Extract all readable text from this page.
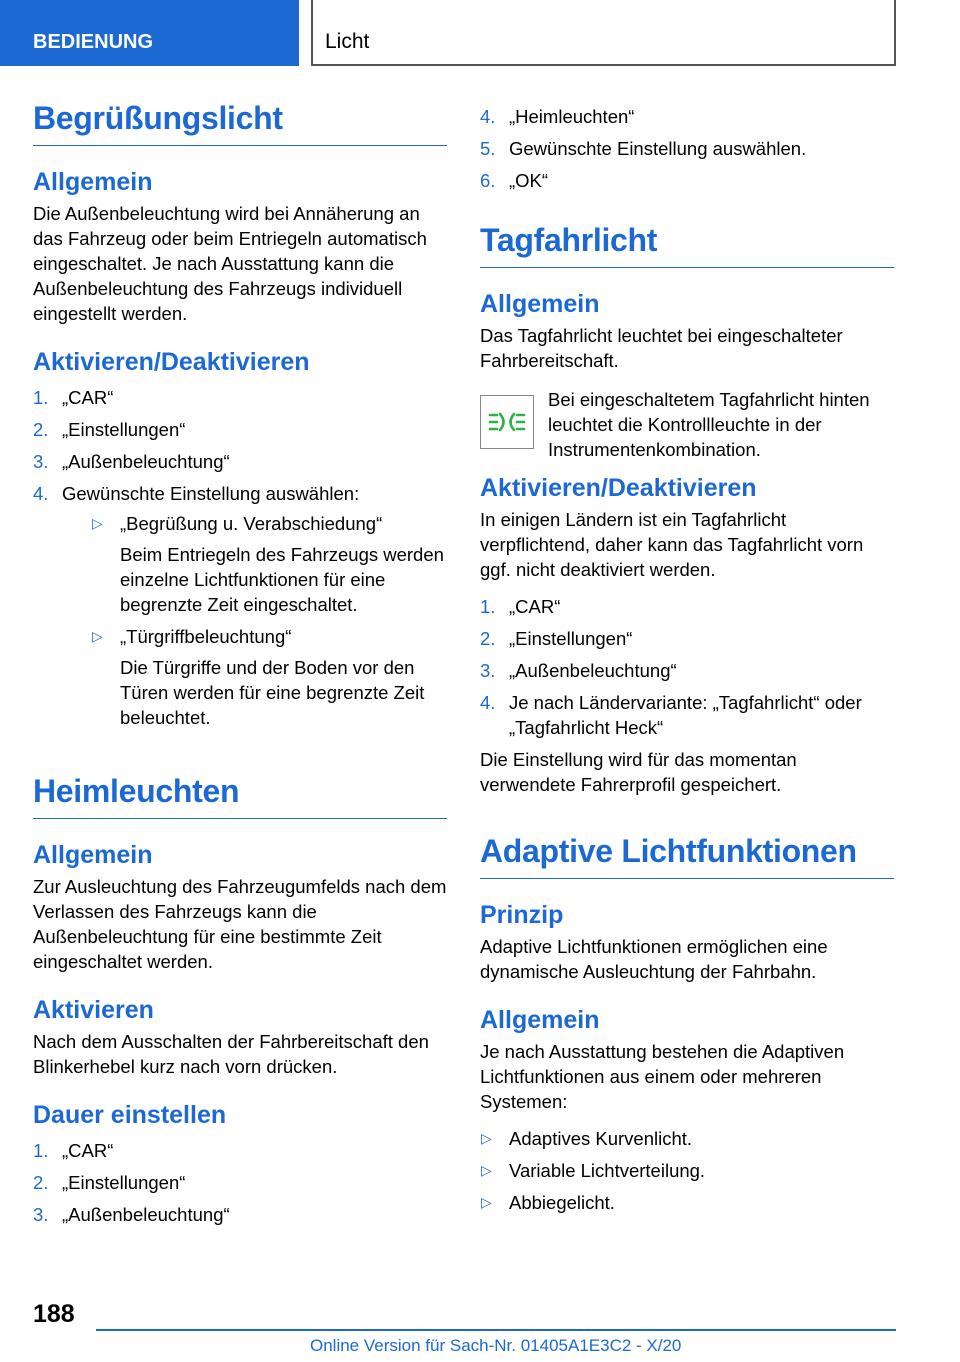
BEDIENUNG	Licht
Begrüßungslicht
Allgemein

Die Außenbeleuchtung wird bei Annäherung an das Fahrzeug oder beim Entriegeln automatisch eingeschaltet. Je nach Ausstattung kann die Außenbeleuchtung des Fahrzeugs individuell eingestellt werden.

Aktivieren/Deaktivieren
1. „CAR“
2. „Einstellungen“
3. „Außenbeleuchtung“
4. Gewünschte Einstellung auswählen:
▷ „Begrüßung u. Verabschiedung“
Beim Entriegeln des Fahrzeugs werden einzelne Lichtfunktionen für eine begrenzte Zeit eingeschaltet.
▷ „Türgriffbeleuchtung“
Die Türgriffe und der Boden vor den Türen werden für eine begrenzte Zeit beleuchtet.
Heimleuchten
Allgemein

Zur Ausleuchtung des Fahrzeugumfelds nach dem Verlassen des Fahrzeugs kann die Außenbeleuchtung für eine bestimmte Zeit eingeschaltet werden.

Aktivieren

Nach dem Ausschalten der Fahrbereitschaft den Blinkerhebel kurz nach vorn drücken.

Dauer einstellen
1. „CAR“
2. „Einstellungen“
3. „Außenbeleuchtung“
4. „Heimleuchten“
5. Gewünschte Einstellung auswählen.
6. „OK“
Tagfahrlicht
Allgemein

Das Tagfahrlicht leuchtet bei eingeschalteter Fahrbereitschaft.

Bei eingeschaltetem Tagfahrlicht hinten leuchtet die Kontrollleuchte in der Instrumentenkombination.

Aktivieren/Deaktivieren

In einigen Ländern ist ein Tagfahrlicht verpflichtend, daher kann das Tagfahrlicht vorn ggf. nicht deaktiviert werden.

1. „CAR“
2. „Einstellungen“
3. „Außenbeleuchtung“
4. Je nach Ländervariante: „Tagfahrlicht“ oder „Tagfahrlicht Heck“

Die Einstellung wird für das momentan verwendete Fahrerprofil gespeichert.

Adaptive Lichtfunktionen
Prinzip

Adaptive Lichtfunktionen ermöglichen eine dynamische Ausleuchtung der Fahrbahn.

Allgemein

Je nach Ausstattung bestehen die Adaptiven Lichtfunktionen aus einem oder mehreren Systemen:

▷ Adaptives Kurvenlicht.
▷ Variable Lichtverteilung.
▷ Abbiegelicht.
188
Online Version für Sach-Nr. 01405A1E3C2 - X/20
